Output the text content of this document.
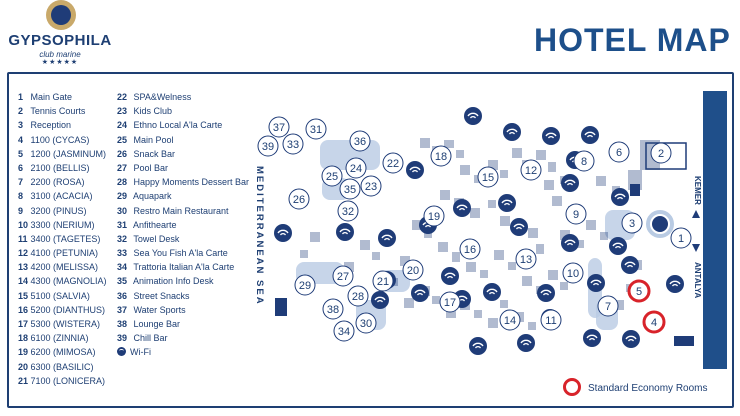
GYPSOPHILA
club marine
★★★★★
HOTEL MAP
1 Main Gate
2 Tennis Courts
3 Reception
4 1100 (CYCAS)
5 1200 (JASMINUM)
6 2100 (BELLIS)
7 2200 (ROSA)
8 3100 (ACACIA)
9 3200 (PINUS)
10 3300 (NERIUM)
11 3400 (TAGETES)
12 4100 (PETUNIA)
13 4200 (MELISSA)
14 4300 (MAGNOLIA)
15 5100 (SALVIA)
16 5200 (DIANTHUS)
17 5300 (WISTERA)
18 6100 (ZINNIA)
19 6200 (MIMOSA)
20 6300 (BASILIC)
21 7100 (LONICERA)
22 SPA&Welness
23 Kids Club
24 Ethno Local A'la Carte
25 Main Pool
26 Snack Bar
27 Pool Bar
28 Happy Moments Dessert Bar
29 Aquapark
30 Restro Main Restaurant
31 Anfithearte
32 Towel Desk
33 Sea You Fish A'la Carte
34 Trattoria Italian A'la Carte
35 Animation Info Desk
36 Street Snacks
37 Water Sports
38 Lounge Bar
39 Chill Bar
Wi-Fi
MEDITERRANEAN SEA	1
2
3
4
5
6
7
8
9
10
11
12
13
14
15
16
17
18
19
20
21
22
23
24
25
26
27
28
29
30
31
32
33
34
35
36
37
38
39
KEMER
ANTALYA
Standard Economy Rooms
